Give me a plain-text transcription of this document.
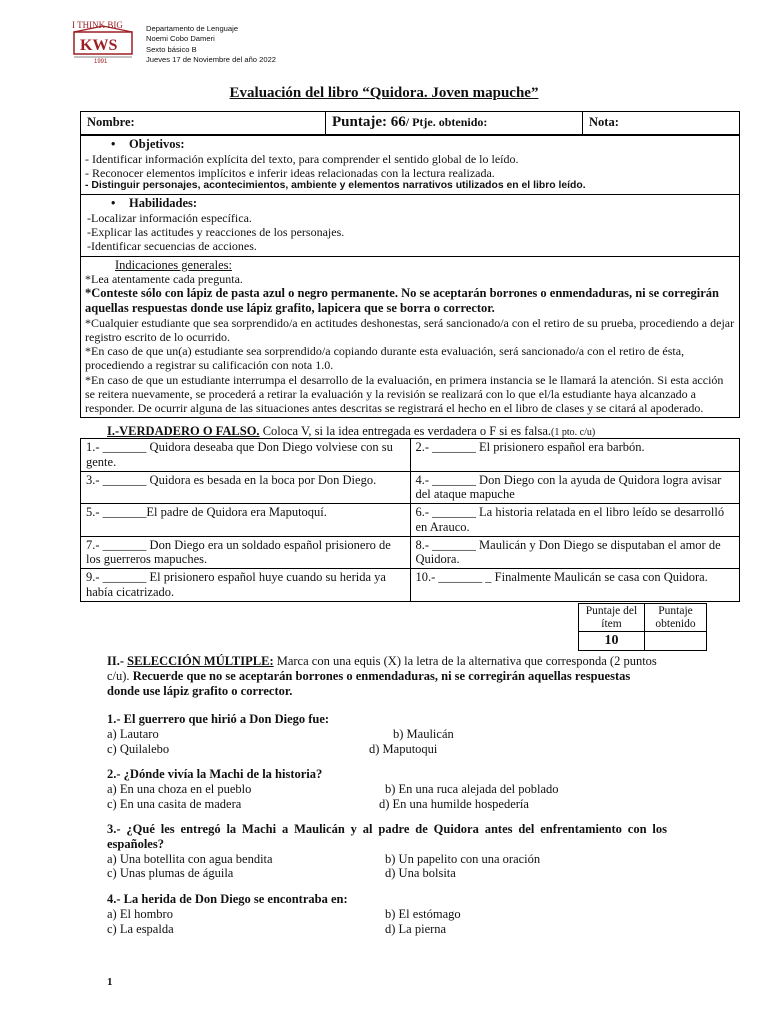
I THINK BIG
KWS
1991
Departamento de Lenguaje
Noemi Cobo Dameri
Sexto básico B
Jueves 17 de Noviembre del año 2022
Evaluación del libro “Quidora. Joven mapuche”
Nombre:	Puntaje: 66/ Ptje. obtenido:	Nota:
• Objetivos:
- Identificar información explícita del texto, para comprender el sentido global de lo leído.
- Reconocer elementos implícitos e inferir ideas relacionadas con la lectura realizada.
- Distinguir personajes, acontecimientos, ambiente y elementos narrativos utilizados en el libro leído.
• Habilidades:
-Localizar información específica.
-Explicar las actitudes y reacciones de los personajes.
-Identificar secuencias de acciones.
Indicaciones generales:

*Lea atentamente cada pregunta.

*Conteste sólo con lápiz de pasta azul o negro permanente. No se aceptarán borrones o enmendaduras, ni se corregirán aquellas respuestas donde use lápiz grafito, lapicera que se borra o corrector.

*Cualquier estudiante que sea sorprendido/a en actitudes deshonestas, será sancionado/a con el retiro de su prueba, procediendo a dejar registro escrito de lo ocurrido.

*En caso de que un(a) estudiante sea sorprendido/a copiando durante esta evaluación, será sancionado/a con el retiro de ésta, procediendo a registrar su calificación con nota 1.0.

*En caso de que un estudiante interrumpa el desarrollo de la evaluación, en primera instancia se le llamará la atención. Si esta acción se reitera nuevamente, se procederá a retirar la evaluación y la revisión se realizará con lo que el/la estudiante haya alcanzado a responder. De ocurrir alguna de las situaciones antes descritas se registrará el hecho en el libro de clases y se citará al apoderado.

I.-VERDADERO O FALSO. Coloca V, si la idea entregada es verdadera o F si es falsa.(1 pto. c/u)
1.- _______ Quidora deseaba que Don Diego volviese con su gente.	2.- _______ El prisionero español era barbón.
3.- _______ Quidora es besada en la boca por Don Diego.	4.- _______ Don Diego con la ayuda de Quidora logra avisar del ataque mapuche
5.- _______El padre de Quidora era Maputoquí.	6.- _______ La historia relatada en el libro leído se desarrolló en Arauco.
7.- _______ Don Diego era un soldado español prisionero de los guerreros mapuches.	8.- _______ Maulicán y Don Diego se disputaban el amor de Quidora.
9.- _______ El prisionero español huye cuando su herida ya había cicatrizado.	10.- _______ _ Finalmente Maulicán se casa con Quidora.
Puntaje del ítem	Puntaje obtenido
10	
II.- SELECCIÓN MÚLTIPLE: Marca con una equis (X) la letra de la alternativa que corresponda (2 puntos c/u). Recuerde que no se aceptarán borrones o enmendaduras, ni se corregirán aquellas respuestas donde use lápiz grafito o corrector.
1.- El guerrero que hirió a Don Diego fue:
a) Lautaro	b) Maulicán
c) Quilalebo	d) Maputoqui
2.- ¿Dónde vivía la Machi de la historia?
a) En una choza en el pueblo	b) En una ruca alejada del poblado
c) En una casita de madera	d) En una humilde hospedería
3.- ¿Qué les entregó la Machi a Maulicán y al padre de Quidora antes del enfrentamiento con los españoles?
a) Una botellita con agua bendita	b) Un papelito con una oración
c) Unas plumas de águila	d) Una bolsita
4.- La herida de Don Diego se encontraba en:
a) El hombro	b) El estómago
c) La espalda	d) La pierna
1
